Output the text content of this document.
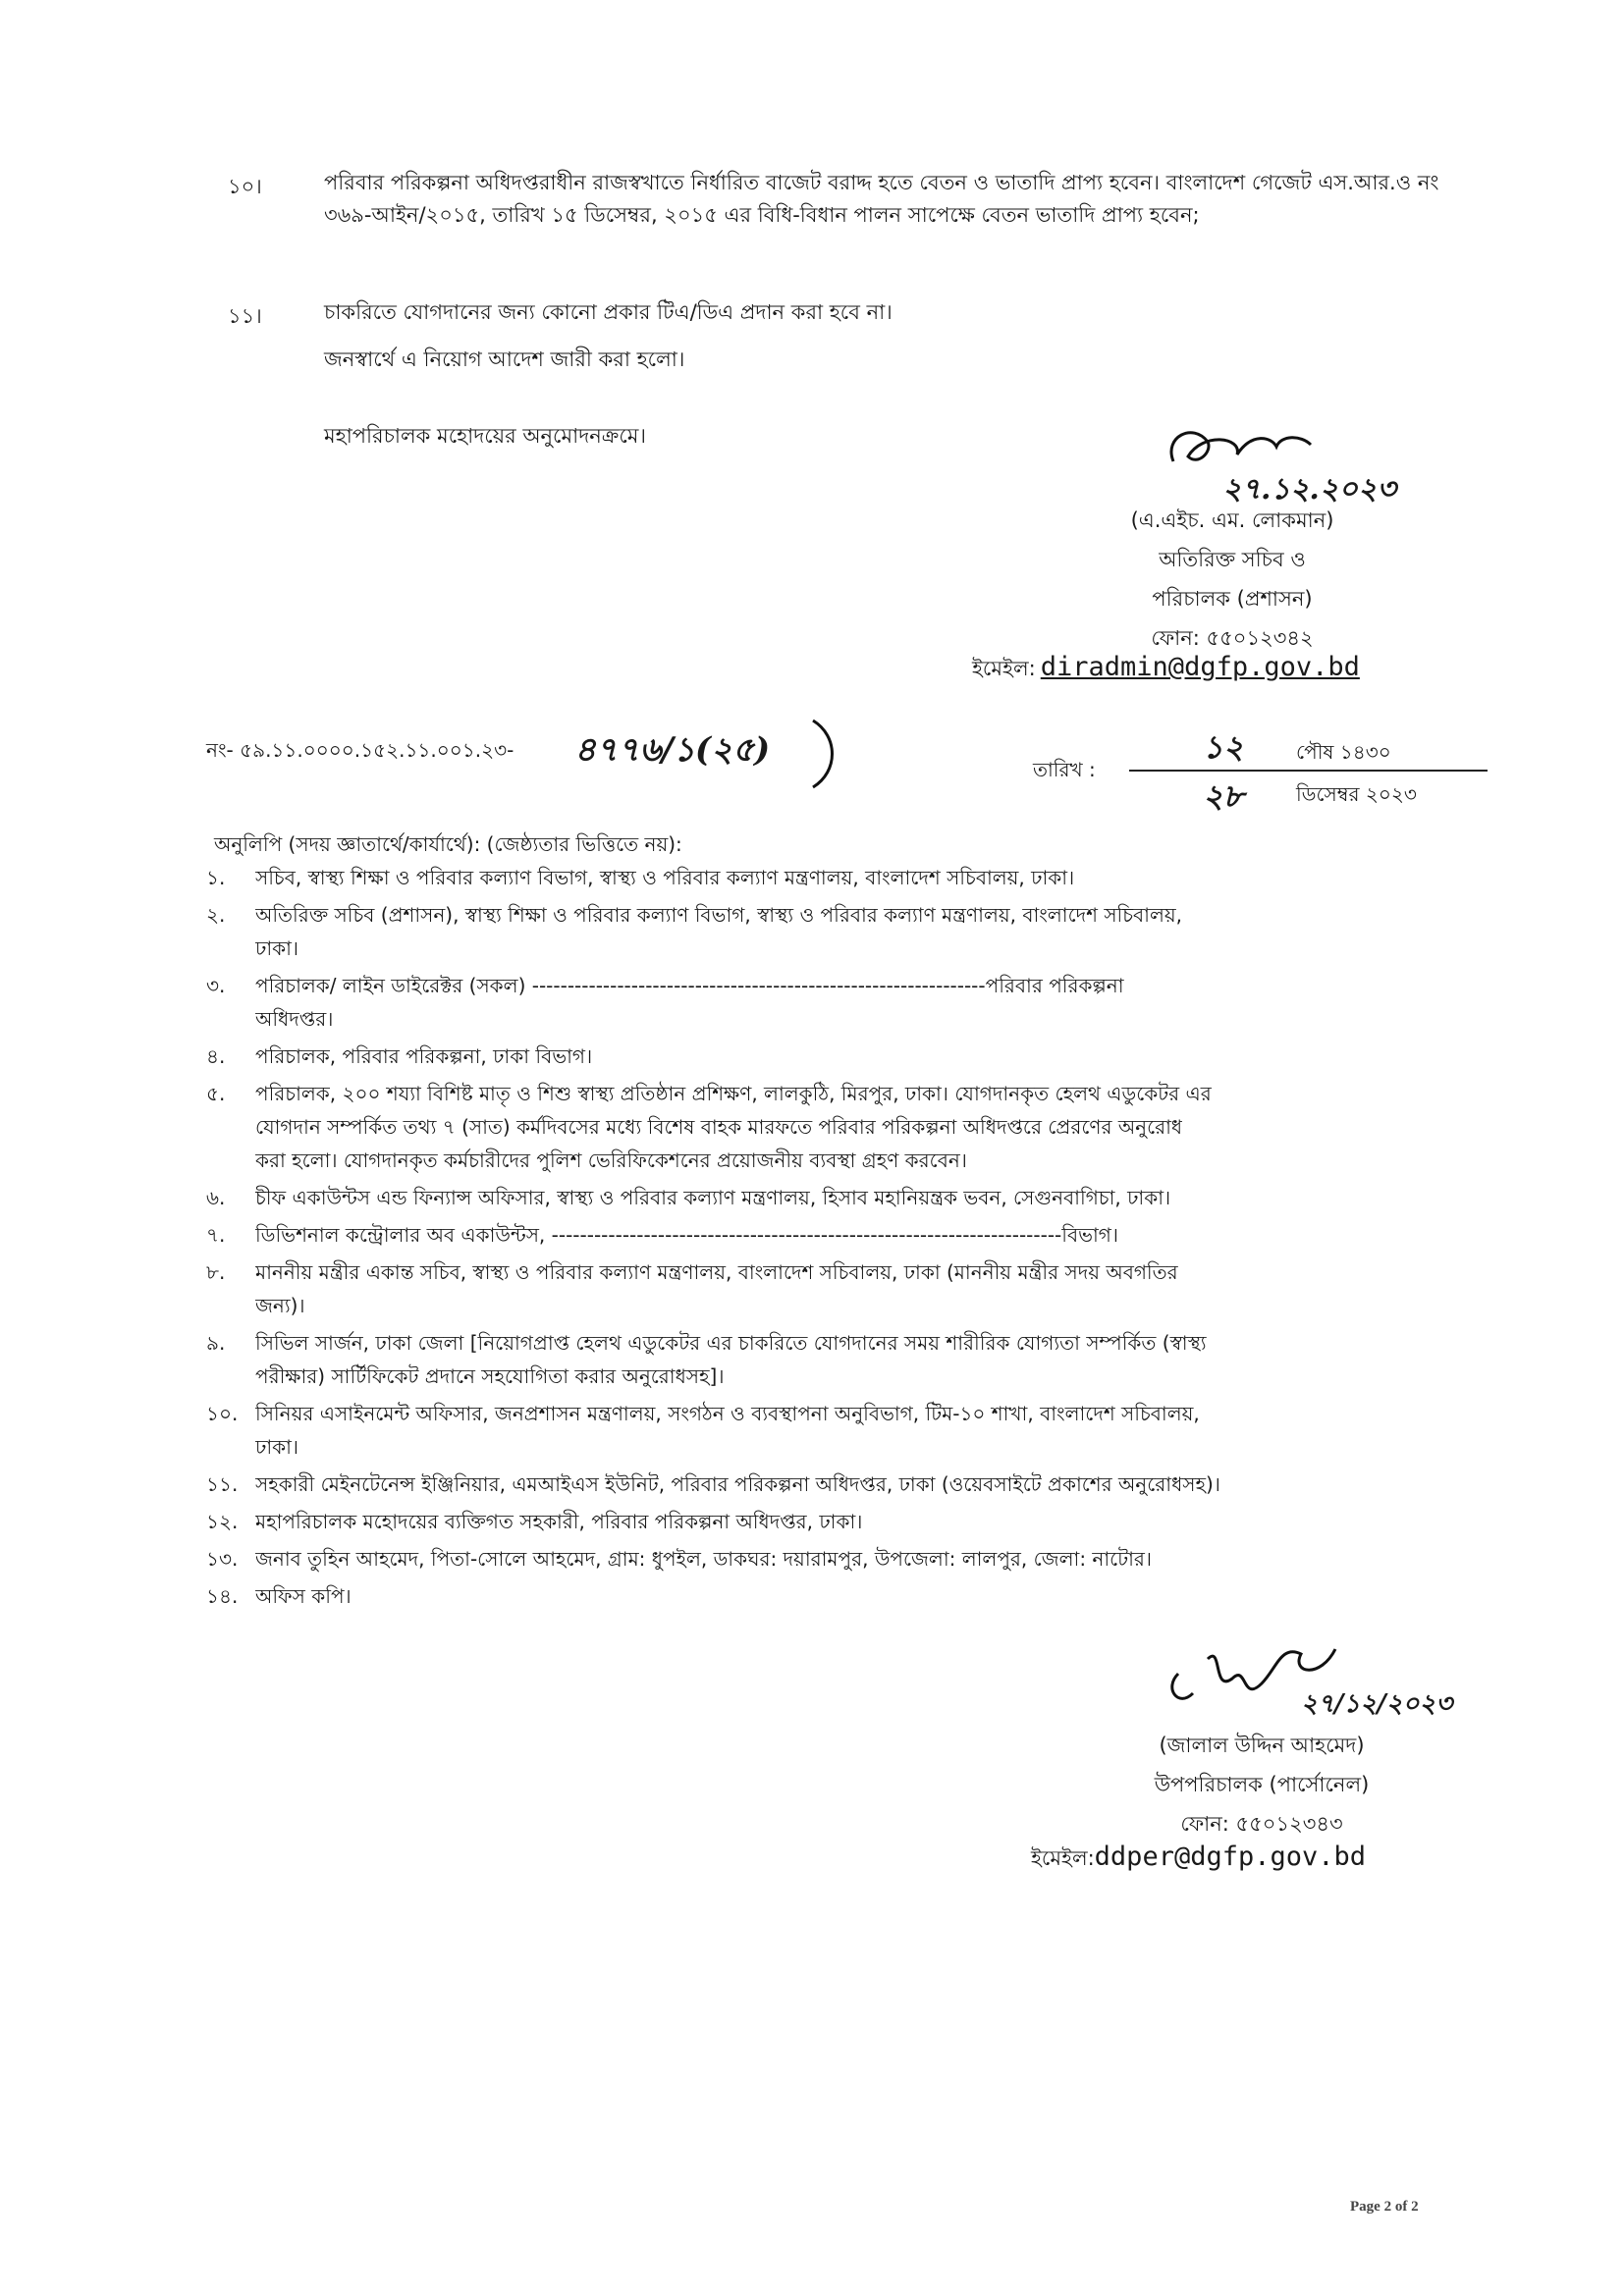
১০।	পরিবার পরিকল্পনা অধিদপ্তরাধীন রাজস্বখাতে নির্ধারিত বাজেট বরাদ্দ হতে বেতন ও ভাতাদি প্রাপ্য হবেন। বাংলাদেশ গেজেট এস.আর.ও নং ৩৬৯-আইন/২০১৫, তারিখ ১৫ ডিসেম্বর, ২০১৫ এর বিধি-বিধান পালন সাপেক্ষে বেতন ভাতাদি প্রাপ্য হবেন;
১১।	চাকরিতে যোগদানের জন্য কোনো প্রকার টিএ/ডিএ প্রদান করা হবে না।
জনস্বার্থে এ নিয়োগ আদেশ জারী করা হলো।
মহাপরিচালক মহোদয়ের অনুমোদনক্রমে।
২৭.১২.২০২৩
(এ.এইচ. এম. লোকমান)
অতিরিক্ত সচিব ও
পরিচালক (প্রশাসন)
ফোন: ৫৫০১২৩৪২
ইমেইল: diradmin@dgfp.gov.bd
নং- ৫৯.১১.০০০০.১৫২.১১.০০১.২৩- ৪৭৭৬/১(২৫)	তারিখ :
১২	পৌষ ১৪৩০
২৮	ডিসেম্বর ২০২৩
অনুলিপি (সদয় জ্ঞাতার্থে/কার্যার্থে): (জেষ্ঠ্যতার ভিত্তিতে নয়):
১. সচিব, স্বাস্থ্য শিক্ষা ও পরিবার কল্যাণ বিভাগ, স্বাস্থ্য ও পরিবার কল্যাণ মন্ত্রণালয়, বাংলাদেশ সচিবালয়, ঢাকা।
২. অতিরিক্ত সচিব (প্রশাসন), স্বাস্থ্য শিক্ষা ও পরিবার কল্যাণ বিভাগ, স্বাস্থ্য ও পরিবার কল্যাণ মন্ত্রণালয়, বাংলাদেশ সচিবালয়,
ঢাকা।
৩. পরিচালক/ লাইন ডাইরেক্টর (সকল) ----------------------------------------------------------------পরিবার পরিকল্পনা
অধিদপ্তর।
৪. পরিচালক, পরিবার পরিকল্পনা, ঢাকা বিভাগ।
৫. পরিচালক, ২০০ শয্যা বিশিষ্ট মাতৃ ও শিশু স্বাস্থ্য প্রতিষ্ঠান প্রশিক্ষণ, লালকুঠি, মিরপুর, ঢাকা। যোগদানকৃত হেলথ এডুকেটর এর
যোগদান সম্পর্কিত তথ্য ৭ (সাত) কর্মদিবসের মধ্যে বিশেষ বাহক মারফতে পরিবার পরিকল্পনা অধিদপ্তরে প্রেরণের অনুরোধ
করা হলো। যোগদানকৃত কর্মচারীদের পুলিশ ভেরিফিকেশনের প্রয়োজনীয় ব্যবস্থা গ্রহণ করবেন।
৬. চীফ একাউন্টস এন্ড ফিন্যান্স অফিসার, স্বাস্থ্য ও পরিবার কল্যাণ মন্ত্রণালয়, হিসাব মহানিয়ন্ত্রক ভবন, সেগুনবাগিচা, ঢাকা।
৭. ডিভিশনাল কন্ট্রোলার অব একাউন্টস, ------------------------------------------------------------------------বিভাগ।
৮. মাননীয় মন্ত্রীর একান্ত সচিব, স্বাস্থ্য ও পরিবার কল্যাণ মন্ত্রণালয়, বাংলাদেশ সচিবালয়, ঢাকা (মাননীয় মন্ত্রীর সদয় অবগতির
জন্য)।
৯. সিভিল সার্জন, ঢাকা জেলা [নিয়োগপ্রাপ্ত হেলথ এডুকেটর এর চাকরিতে যোগদানের সময় শারীরিক যোগ্যতা সম্পর্কিত (স্বাস্থ্য
পরীক্ষার) সার্টিফিকেট প্রদানে সহযোগিতা করার অনুরোধসহ]।
১০. সিনিয়র এসাইনমেন্ট অফিসার, জনপ্রশাসন মন্ত্রণালয়, সংগঠন ও ব্যবস্থাপনা অনুবিভাগ, টিম-১০ শাখা, বাংলাদেশ সচিবালয়,
ঢাকা।
১১. সহকারী মেইনটেনেন্স ইঞ্জিনিয়ার, এমআইএস ইউনিট, পরিবার পরিকল্পনা অধিদপ্তর, ঢাকা (ওয়েবসাইটে প্রকাশের অনুরোধসহ)।
১২. মহাপরিচালক মহোদয়ের ব্যক্তিগত সহকারী, পরিবার পরিকল্পনা অধিদপ্তর, ঢাকা।
১৩. জনাব তুহিন আহমেদ, পিতা-সোলে আহমেদ, গ্রাম: ধুপইল, ডাকঘর: দয়ারামপুর, উপজেলা: লালপুর, জেলা: নাটোর।
১৪. অফিস কপি।
২৭/১২/২০২৩
(জালাল উদ্দিন আহমেদ)
উপপরিচালক (পার্সোনেল)
ফোন: ৫৫০১২৩৪৩
ইমেইল:ddper@dgfp.gov.bd
Page 2 of 2
